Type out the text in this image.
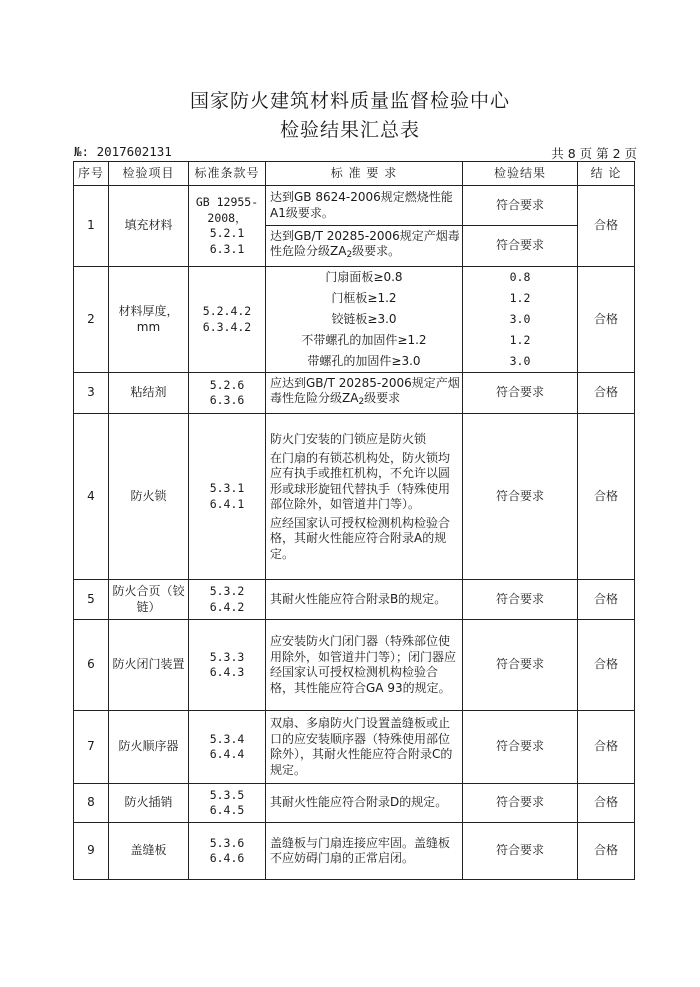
国家防火建筑材料质量监督检验中心
检验结果汇总表
№: 2017602131	共 8 页 第 2 页
序号	检验项目	标准条款号	标 准 要 求	检验结果	结 论
1	填充材料	GB 12955-2008，5.2.1 6.3.1	达到GB 8624-2006规定燃烧性能A1级要求。	符合要求	合格
			达到GB/T 20285-2006规定产烟毒性危险分级$ZA_2$级要求。	符合要求	
2	材料厚度，mm	5.2.4.2 6.3.4.2	门扇面板≥0.8	0.8	合格
			门框板≥1.2	1.2	
			铰链板≥3.0	3.0	
			不带螺孔的加固件≥1.2	1.2	
			带螺孔的加固件≥3.0	3.0	
3	粘结剂	5.2.6 6.3.6	应达到GB/T 20285-2006规定产烟毒性危险分级$ZA_2$级要求	符合要求	合格
4	防火锁	5.3.1 6.4.1	防火门安装的门锁应是防火锁
在门扇的有锁芯机构处，防火锁均应有执手或推杠机构，不允许以圆形或球形旋钮代替执手（特殊使用部位除外，如管道井门等）。
应经国家认可授权检测机构检验合格，其耐火性能应符合附录A的规定。	符合要求	合格
5	防火合页（铰链）	5.3.2 6.4.2	其耐火性能应符合附录B的规定。	符合要求	合格
6	防火闭门装置	5.3.3 6.4.3	应安装防火门闭门器（特殊部位使用除外，如管道井门等）；闭门器应经国家认可授权检测机构检验合格，其性能应符合GA 93的规定。	符合要求	合格
7	防火顺序器	5.3.4 6.4.4	双扇、多扇防火门设置盖缝板或止口的应安装顺序器（特殊使用部位除外），其耐火性能应符合附录C的规定。	符合要求	合格
8	防火插销	5.3.5 6.4.5	其耐火性能应符合附录D的规定。	符合要求	合格
9	盖缝板	5.3.6 6.4.6	盖缝板与门扇连接应牢固。盖缝板不应妨碍门扇的正常启闭。	符合要求	合格
